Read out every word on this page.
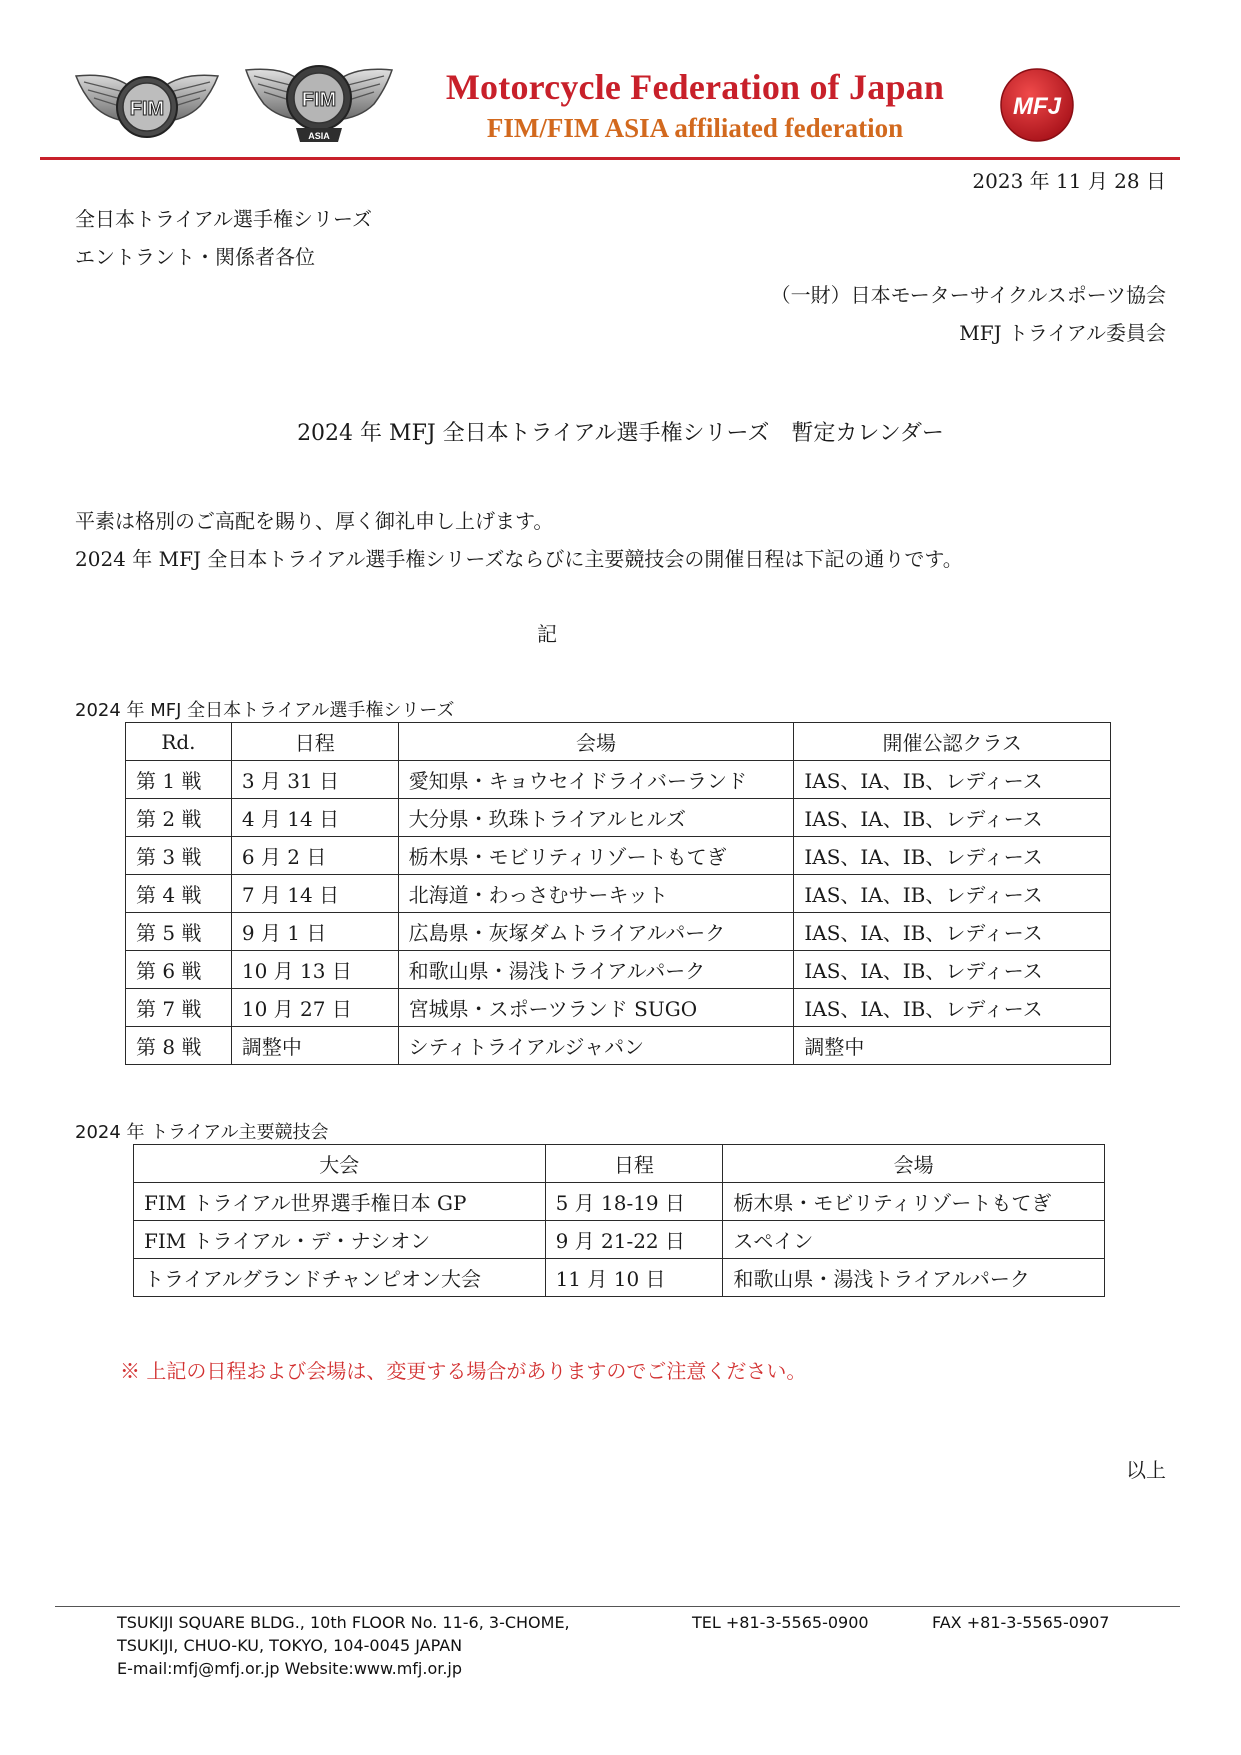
FIM	FIM
ASIA
Motorcycle Federation of Japan
FIM/FIM ASIA affiliated federation
MFJ
2023 年 11 月 28 日
全日本トライアル選手権シリーズ
エントラント・関係者各位
（一財）日本モーターサイクルスポーツ協会
MFJ トライアル委員会
2024 年 MFJ 全日本トライアル選手権シリーズ　暫定カレンダー
平素は格別のご高配を賜り、厚く御礼申し上げます。
2024 年 MFJ 全日本トライアル選手権シリーズならびに主要競技会の開催日程は下記の通りです。
記
2024 年 MFJ 全日本トライアル選手権シリーズ
Rd.	日程	会場	開催公認クラス
第 1 戦	3 月 31 日	愛知県・キョウセイドライバーランド	IAS、IA、IB、レディース
第 2 戦	4 月 14 日	大分県・玖珠トライアルヒルズ	IAS、IA、IB、レディース
第 3 戦	6 月 2 日	栃木県・モビリティリゾートもてぎ	IAS、IA、IB、レディース
第 4 戦	7 月 14 日	北海道・わっさむサーキット	IAS、IA、IB、レディース
第 5 戦	9 月 1 日	広島県・灰塚ダムトライアルパーク	IAS、IA、IB、レディース
第 6 戦	10 月 13 日	和歌山県・湯浅トライアルパーク	IAS、IA、IB、レディース
第 7 戦	10 月 27 日	宮城県・スポーツランド SUGO	IAS、IA、IB、レディース
第 8 戦	調整中	シティトライアルジャパン	調整中
2024 年 トライアル主要競技会
大会	日程	会場
FIM トライアル世界選手権日本 GP	5 月 18-19 日	栃木県・モビリティリゾートもてぎ
FIM トライアル・デ・ナシオン	9 月 21-22 日	スペイン
トライアルグランドチャンピオン大会	11 月 10 日	和歌山県・湯浅トライアルパーク
※ 上記の日程および会場は、変更する場合がありますのでご注意ください。
以上
TSUKIJI SQUARE BLDG., 10th FLOOR No. 11-6, 3-CHOME,
TSUKIJI, CHUO-KU, TOKYO, 104-0045 JAPAN
E-mail:mfj@mfj.or.jp Website:www.mfj.or.jp
TEL +81-3-5565-0900	FAX +81-3-5565-0907
